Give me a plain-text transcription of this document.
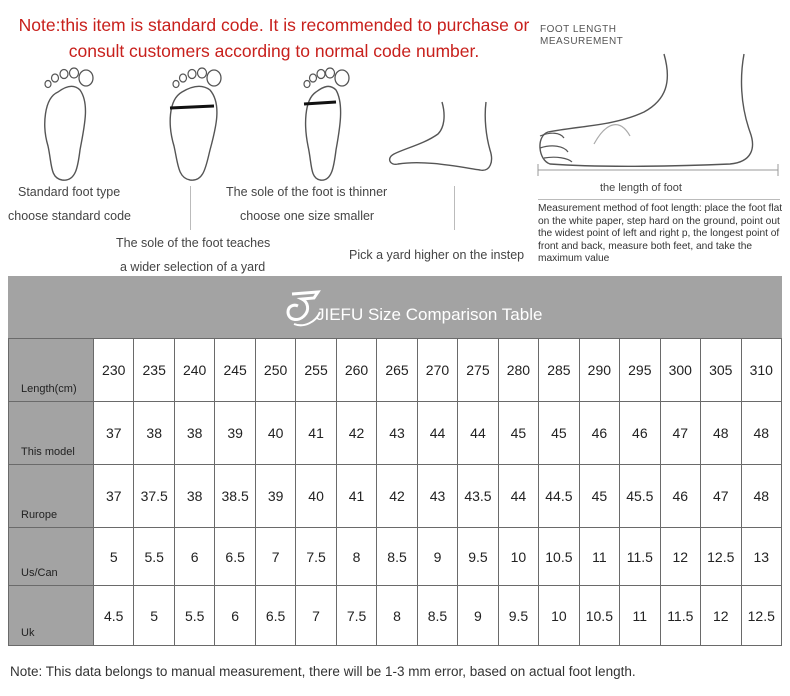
Note:this item is standard code. It is recommended to purchase or consult customers according to normal code number.
Standard foot type
choose standard code
The sole of the foot is thinner
choose one size smaller
The sole of the foot teaches
a wider selection of a yard
Pick a yard higher on the instep
FOOT LENGTH MEASUREMENT
the length of foot
Measurement method of foot length: place the foot flat on the white paper, step hard on the ground, point out the widest point of left and right p, the longest point of front and back, measure both feet, and take the maximum value
JIEFU Size Comparison Table
Length(cm)	230	235	240	245	250	255	260	265	270	275	280	285	290	295	300	305	310
This model	37	38	38	39	40	41	42	43	44	44	45	45	46	46	47	48	48
Rurope	37	37.5	38	38.5	39	40	41	42	43	43.5	44	44.5	45	45.5	46	47	48
Us/Can	5	5.5	6	6.5	7	7.5	8	8.5	9	9.5	10	10.5	11	11.5	12	12.5	13
Uk	4.5	5	5.5	6	6.5	7	7.5	8	8.5	9	9.5	10	10.5	11	11.5	12	12.5
Note: This data belongs to manual measurement, there will be 1-3 mm error, based on actual foot length.
